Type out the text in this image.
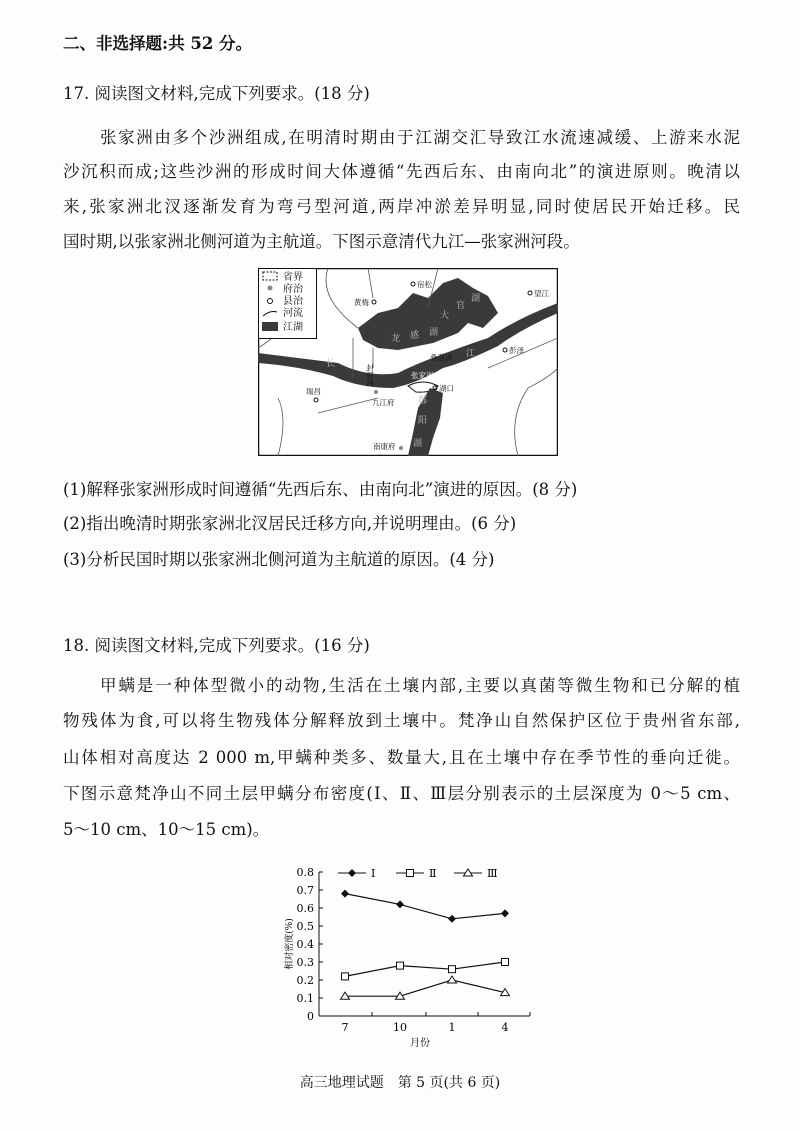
二、非选择题:共 52 分。
17. 阅读图文材料,完成下列要求。(18 分)
张家洲由多个沙洲组成,在明清时期由于江湖交汇导致江水流速减缓、上游来水泥
沙沉积而成;这些沙洲的形成时间大体遵循“先西后东、由南向北”的演进原则。晚清以
来,张家洲北汊逐渐发育为弯弓型河道,两岸冲淤差异明显,同时使居民开始迁移。民
国时期,以张家洲北侧河道为主航道。下图示意清代九江—张家洲河段。
省界
府治
县治
河流
江湖
宿松
黄梅
望江
彭泽
桑落洲
张家洲
封郭洲
瑞昌
九江府
湖口
南康府
龙 感 湖
大
官
湖
长
江
鄱
阳
湖
(1)解释张家洲形成时间遵循“先西后东、由南向北”演进的原因。(8 分)
(2)指出晚清时期张家洲北汊居民迁移方向,并说明理由。(6 分)
(3)分析民国时期以张家洲北侧河道为主航道的原因。(4 分)
18. 阅读图文材料,完成下列要求。(16 分)
甲螨是一种体型微小的动物,生活在土壤内部,主要以真菌等微生物和已分解的植
物残体为食,可以将生物残体分解释放到土壤中。梵净山自然保护区位于贵州省东部,
山体相对高度达 2 000 m,甲螨种类多、数量大,且在土壤中存在季节性的垂向迁徙。
下图示意梵净山不同土层甲螨分布密度(Ⅰ、Ⅱ、Ⅲ层分别表示的土层深度为 0～5 cm、
5～10 cm、10～15 cm)。
0
0.1
0.2
0.3
0.4
0.5
0.6
0.7
0.8
7	10	1	4
月份
相对密度(%)
Ⅰ	Ⅱ	Ⅲ
高三地理试题　第 5 页(共 6 页)
